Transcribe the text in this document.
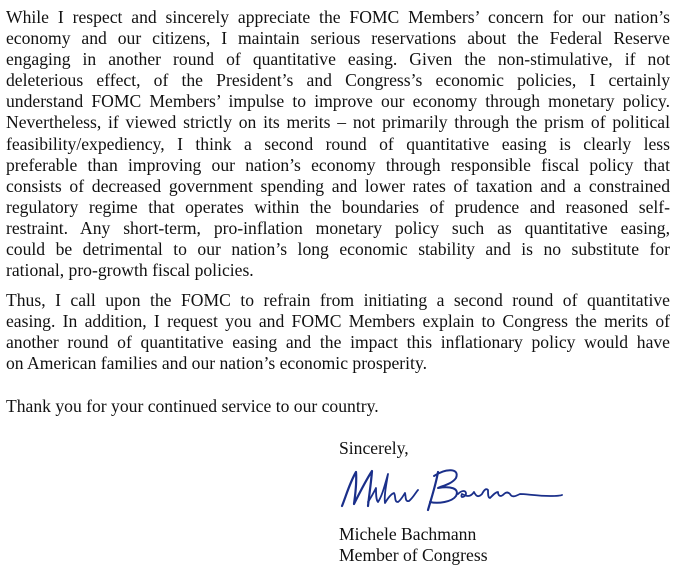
While I respect and sincerely appreciate the FOMC Members’ concern for our nation’s
economy and our citizens, I maintain serious reservations about the Federal Reserve
engaging in another round of quantitative easing. Given the non-stimulative, if not
deleterious effect, of the President’s and Congress’s economic policies, I certainly
understand FOMC Members’ impulse to improve our economy through monetary policy.
Nevertheless, if viewed strictly on its merits – not primarily through the prism of political
feasibility/expediency, I think a second round of quantitative easing is clearly less
preferable than improving our nation’s economy through responsible fiscal policy that
consists of decreased government spending and lower rates of taxation and a constrained
regulatory regime that operates within the boundaries of prudence and reasoned self-
restraint. Any short-term, pro-inflation monetary policy such as quantitative easing,
could be detrimental to our nation’s long economic stability and is no substitute for
rational, pro-growth fiscal policies.
Thus, I call upon the FOMC to refrain from initiating a second round of quantitative
easing. In addition, I request you and FOMC Members explain to Congress the merits of
another round of quantitative easing and the impact this inflationary policy would have
on American families and our nation’s economic prosperity.
Thank you for your continued service to our country.
Sincerely,
Michele Bachmann
Member of Congress
